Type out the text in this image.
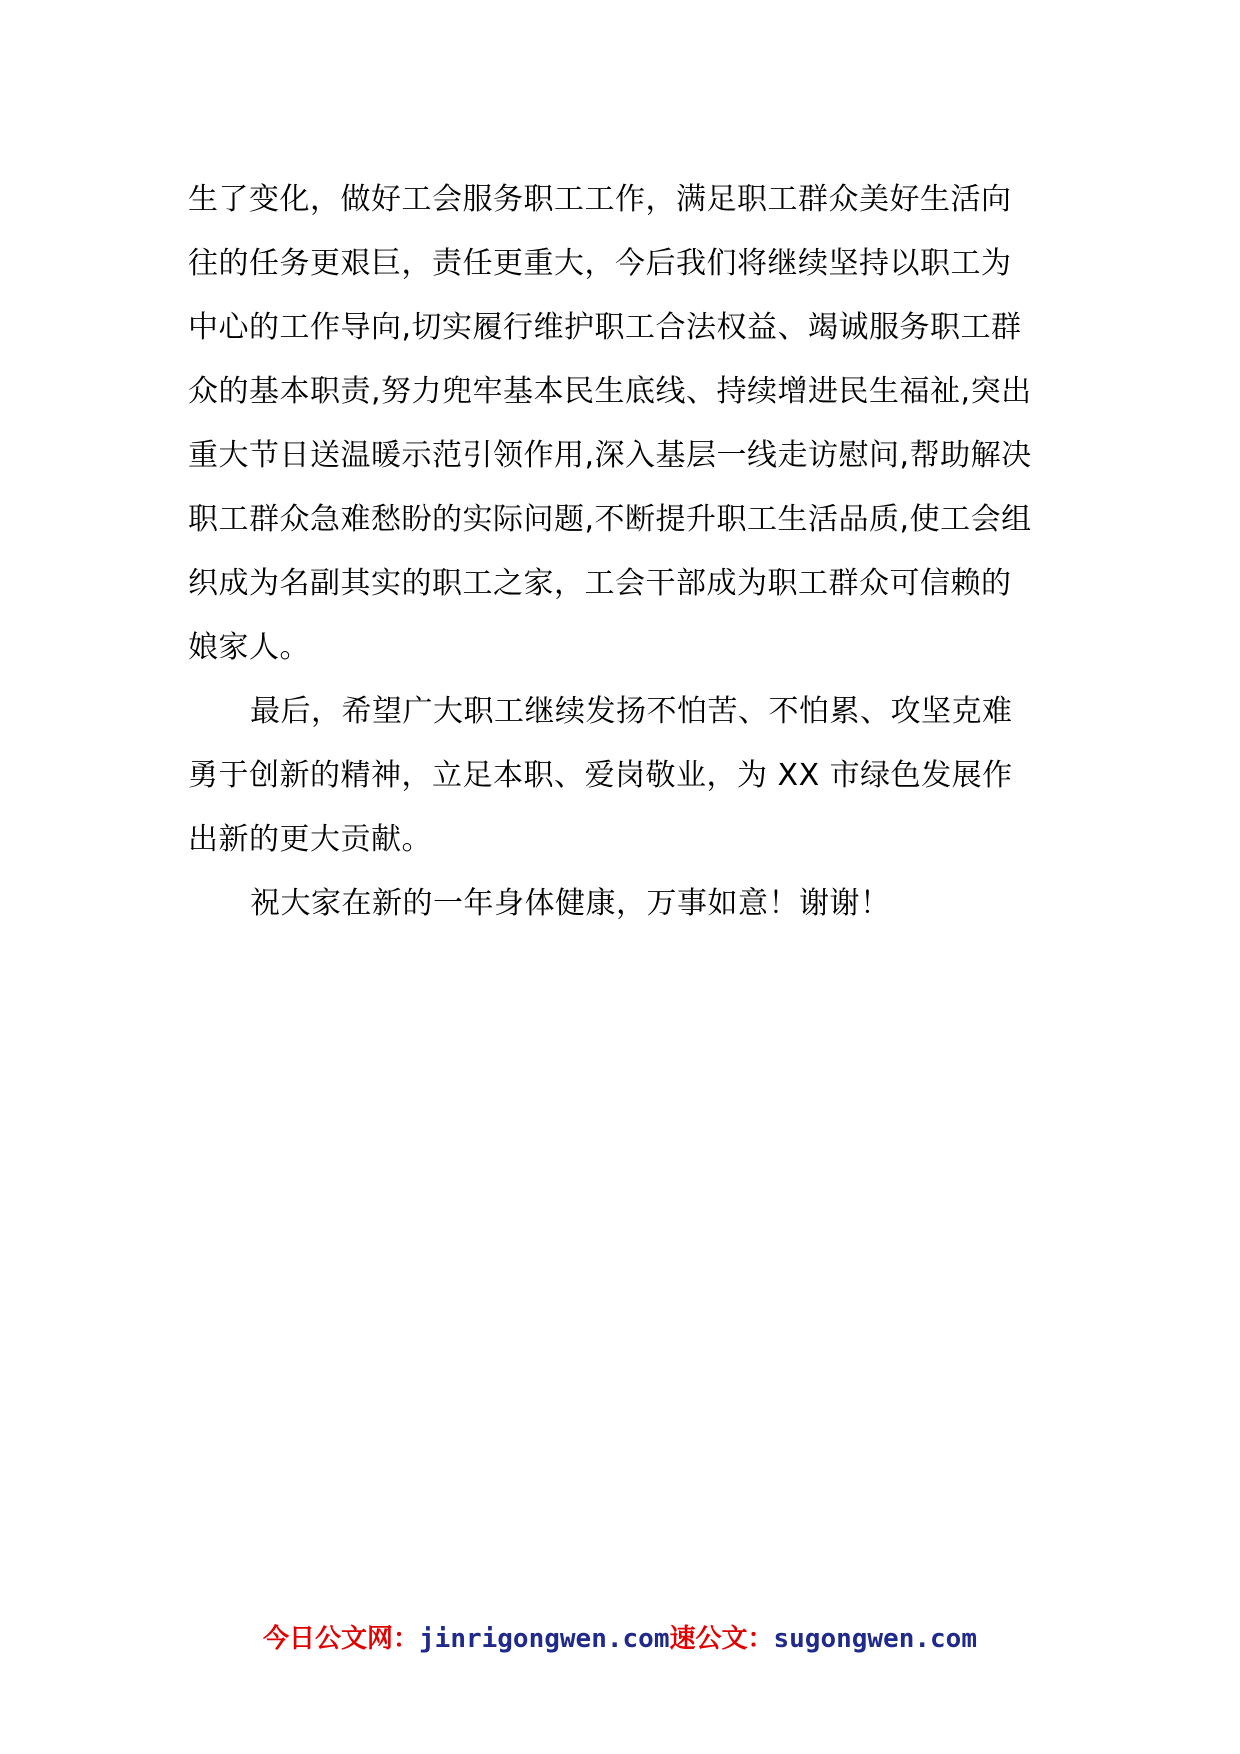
生了变化，做好工会服务职工工作，满足职工群众美好生活向
往的任务更艰巨，责任更重大，今后我们将继续坚持以职工为
中心的工作导向,切实履行维护职工合法权益、竭诚服务职工群
众的基本职责,努力兜牢基本民生底线、持续增进民生福祉,突出
重大节日送温暖示范引领作用,深入基层一线走访慰问,帮助解决
职工群众急难愁盼的实际问题,不断提升职工生活品质,使工会组
织成为名副其实的职工之家，工会干部成为职工群众可信赖的
娘家人。
最后，希望广大职工继续发扬不怕苦、不怕累、攻坚克难
勇于创新的精神，立足本职、爱岗敬业，为 XX 市绿色发展作
出新的更大贡献。
祝大家在新的一年身体健康，万事如意！谢谢！
今日公文网：jinrigongwen.com速公文：sugongwen.com
